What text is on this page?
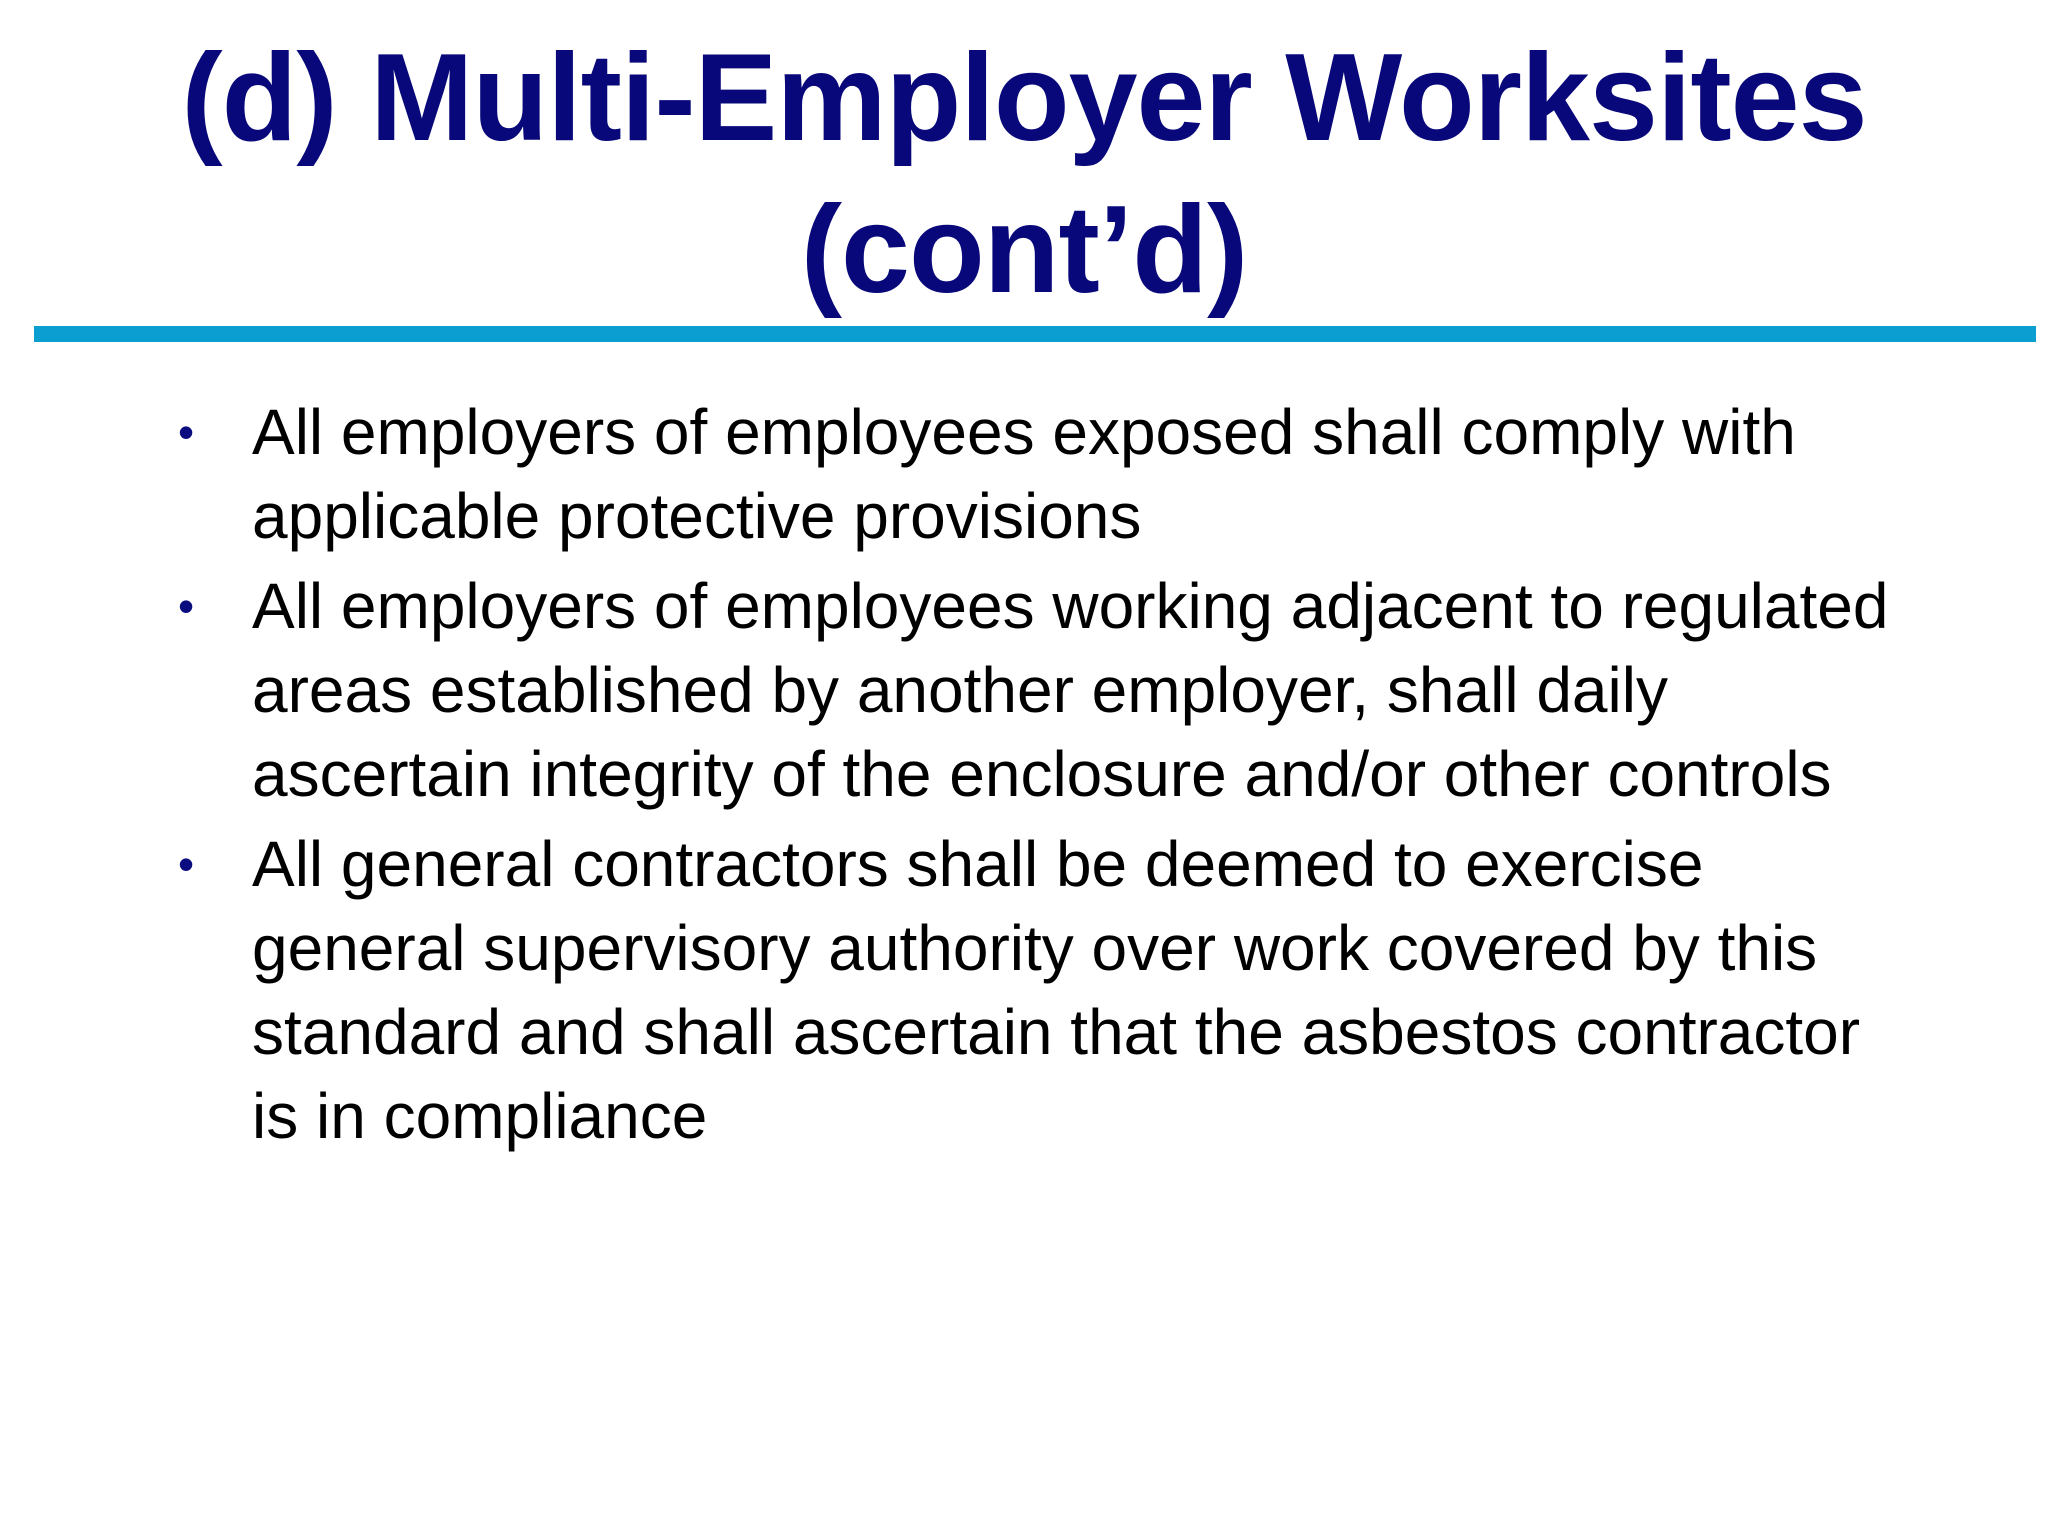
(d) Multi-Employer Worksites
(cont’d)
• All employers of employees exposed shall comply with applicable protective provisions
• All employers of employees working adjacent to regulated areas established by another employer, shall daily ascertain integrity of the enclosure and/or other controls
• All general contractors shall be deemed to exercise general supervisory authority over work covered by this standard and shall ascertain that the asbestos contractor is in compliance
